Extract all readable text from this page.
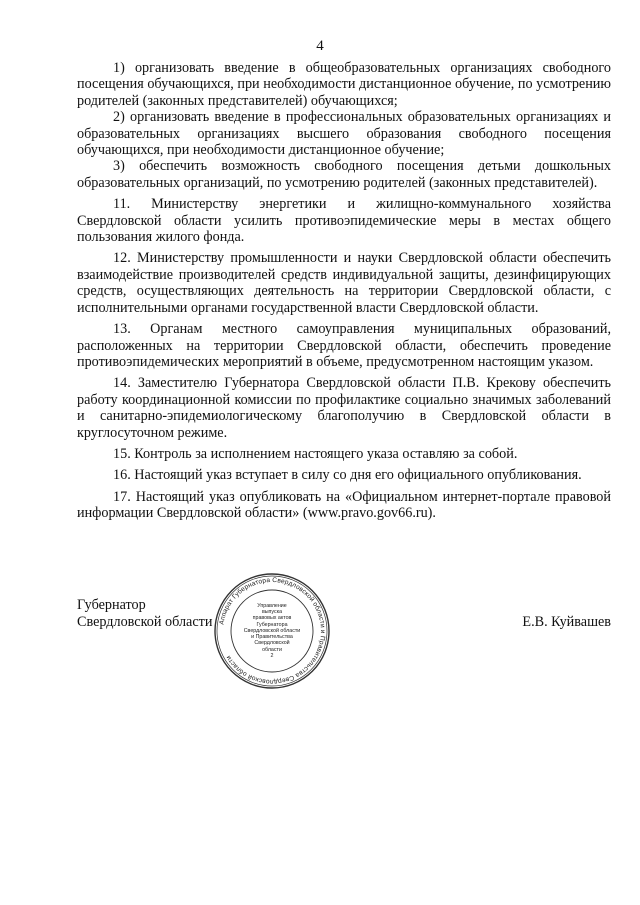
4

1) организовать введение в общеобразовательных организациях свободного посещения обучающихся, при необходимости дистанционное обучение, по усмотрению родителей (законных представителей) обучающихся;

2) организовать введение в профессиональных образовательных организациях и образовательных организациях высшего образования свободного посещения обучающихся, при необходимости дистанционное обучение;

3) обеспечить возможность свободного посещения детьми дошкольных образовательных организаций, по усмотрению родителей (законных представителей).

11. Министерству энергетики и жилищно-коммунального хозяйства Свердловской области усилить противоэпидемические меры в местах общего пользования жилого фонда.

12. Министерству промышленности и науки Свердловской области обеспечить взаимодействие производителей средств индивидуальной защиты, дезинфицирующих средств, осуществляющих деятельность на территории Свердловской области, с исполнительными органами государственной власти Свердловской области.

13. Органам местного самоуправления муниципальных образований, расположенных на территории Свердловской области, обеспечить проведение противоэпидемических мероприятий в объеме, предусмотренном настоящим указом.

14. Заместителю Губернатора Свердловской области П.В. Крекову обеспечить работу координационной комиссии по профилактике социально значимых заболеваний и санитарно-эпидемиологическому благополучию в Свердловской области в круглосуточном режиме.

15. Контроль за исполнением настоящего указа оставляю за собой.

16. Настоящий указ вступает в силу со дня его официального опубликования.

17. Настоящий указ опубликовать на «Официальном интернет-портале правовой информации Свердловской области» (www.pravo.gov66.ru).

Губернатор
Свердловской области Аппарат Губернатора Свердловской области и Правительства Свердловской области
Управление
выпуска
правовых актов
Губернатора
Свердловской области
и Правительства
Свердловской
области
2
Е.В. Куйвашев
